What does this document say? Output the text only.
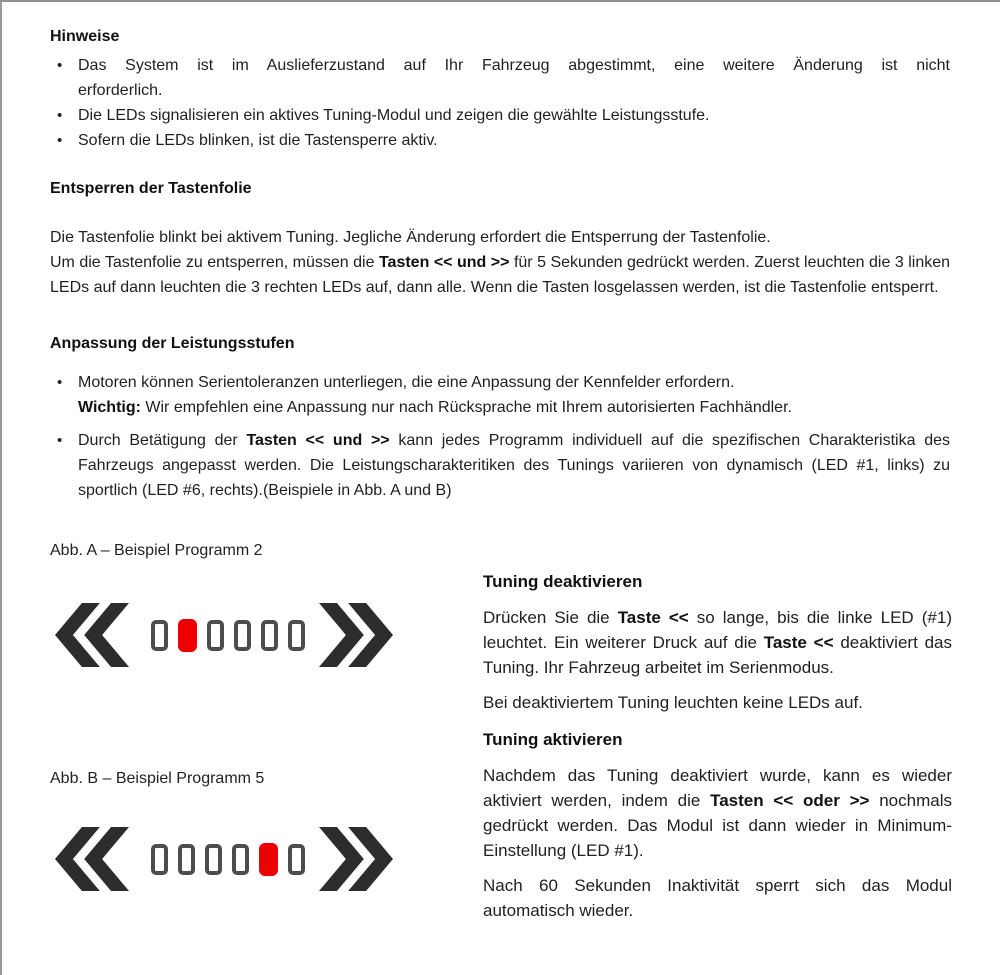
Hinweise
• Das System ist im Auslieferzustand auf Ihr Fahrzeug abgestimmt, eine weitere Änderung ist nicht
erforderlich.
• Die LEDs signalisieren ein aktives Tuning-Modul und zeigen die gewählte Leistungsstufe.
• Sofern die LEDs blinken, ist die Tastensperre aktiv.
Entsperren der Tastenfolie
Die Tastenfolie blinkt bei aktivem Tuning. Jegliche Änderung erfordert die Entsperrung der Tastenfolie.
Um die Tastenfolie zu entsperren, müssen die Tasten << und >> für 5 Sekunden gedrückt werden. Zuerst leuchten die 3 linken LEDs auf dann leuchten die 3 rechten LEDs auf, dann alle. Wenn die Tasten losgelassen werden, ist die Tastenfolie entsperrt.
Anpassung der Leistungsstufen
• Motoren können Serientoleranzen unterliegen, die eine Anpassung der Kennfelder erfordern.
Wichtig: Wir empfehlen eine Anpassung nur nach Rücksprache mit Ihrem autorisierten Fachhändler.
• Durch Betätigung der Tasten << und >> kann jedes Programm individuell auf die spezifischen Charakteristika des Fahrzeugs angepasst werden. Die Leistungscharakteritiken des Tunings variieren von dynamisch (LED #1, links) zu sportlich (LED #6, rechts).(Beispiele in Abb. A und B)
Abb. A – Beispiel Programm 2
Abb. B – Beispiel Programm 5
Tuning deaktivieren

Drücken Sie die Taste << so lange, bis die linke LED (#1) leuchtet. Ein weiterer Druck auf die Taste << deaktiviert das Tuning. Ihr Fahrzeug arbeitet im Serienmodus.

Bei deaktiviertem Tuning leuchten keine LEDs auf.

Tuning aktivieren

Nachdem das Tuning deaktiviert wurde, kann es wieder aktiviert werden, indem die Tasten << oder >> nochmals gedrückt werden. Das Modul ist dann wieder in Minimum-Einstellung (LED #1).

Nach 60 Sekunden Inaktivität sperrt sich das Modul automatisch wieder.
